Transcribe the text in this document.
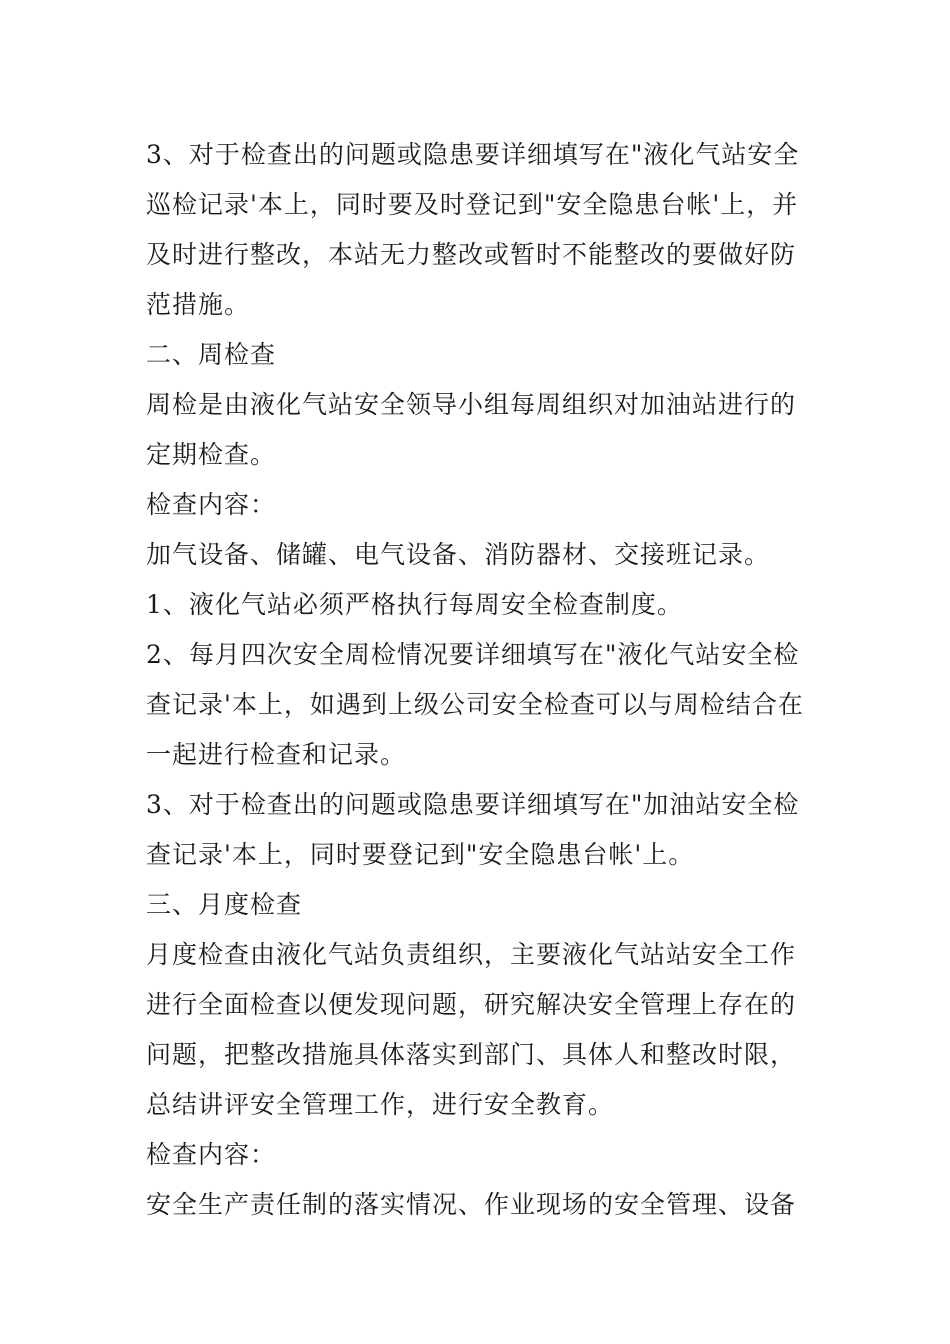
3、对于检查出的问题或隐患要详细填写在"液化气站安全
巡检记录'本上，同时要及时登记到"安全隐患台帐'上，并
及时进行整改，本站无力整改或暂时不能整改的要做好防
范措施。
二、周检查
周检是由液化气站安全领导小组每周组织对加油站进行的
定期检查。
检查内容：
加气设备、储罐、电气设备、消防器材、交接班记录。
1、液化气站必须严格执行每周安全检查制度。
2、每月四次安全周检情况要详细填写在"液化气站安全检
查记录'本上，如遇到上级公司安全检查可以与周检结合在
一起进行检查和记录。
3、对于检查出的问题或隐患要详细填写在"加油站安全检
查记录'本上，同时要登记到"安全隐患台帐'上。
三、月度检查
月度检查由液化气站负责组织，主要液化气站站安全工作
进行全面检查以便发现问题，研究解决安全管理上存在的
问题，把整改措施具体落实到部门、具体人和整改时限，
总结讲评安全管理工作，进行安全教育。
检查内容：
安全生产责任制的落实情况、作业现场的安全管理、设备
